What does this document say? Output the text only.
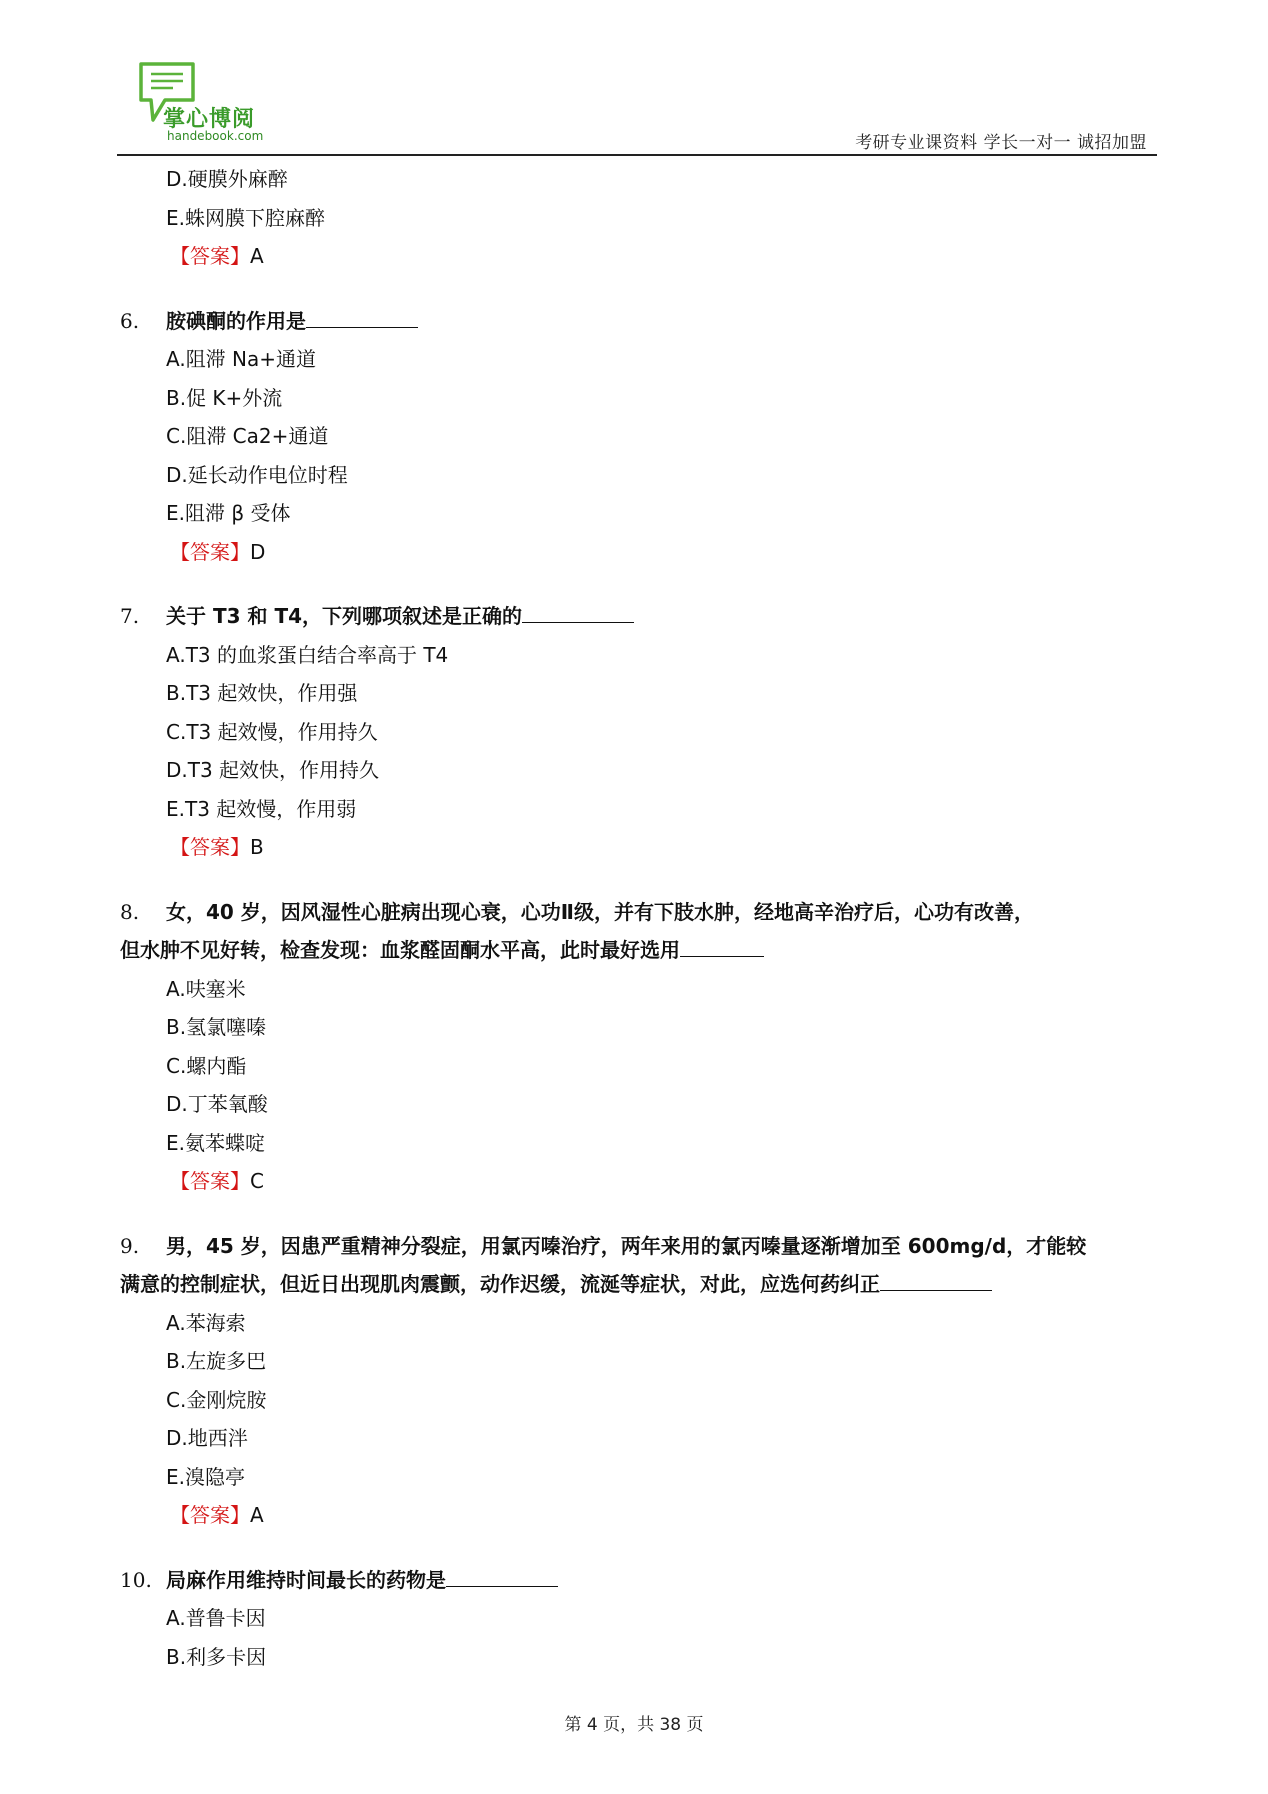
掌心博阅
handebook.com	考研专业课资料 学长一对一 诚招加盟
D.硬膜外麻醉
E.蛛网膜下腔麻醉
【答案】A
6. 胺碘酮的作用是
A.阻滞 Na+通道
B.促 K+外流
C.阻滞 Ca2+通道
D.延长动作电位时程
E.阻滞 β 受体
【答案】D
7. 关于 T3 和 T4，下列哪项叙述是正确的
A.T3 的血浆蛋白结合率高于 T4
B.T3 起效快，作用强
C.T3 起效慢，作用持久
D.T3 起效快，作用持久
E.T3 起效慢，作用弱
【答案】B
8. 女，40 岁，因风湿性心脏病出现心衰，心功Ⅱ级，并有下肢水肿，经地高辛治疗后，心功有改善，
但水肿不见好转，检查发现：血浆醛固酮水平高，此时最好选用
A.呋塞米
B.氢氯噻嗪
C.螺内酯
D.丁苯氧酸
E.氨苯蝶啶
【答案】C
9. 男，45 岁，因患严重精神分裂症，用氯丙嗪治疗，两年来用的氯丙嗪量逐渐增加至 600mg/d，才能较
满意的控制症状，但近日出现肌肉震颤，动作迟缓，流涎等症状，对此，应选何药纠正
A.苯海索
B.左旋多巴
C.金刚烷胺
D.地西泮
E.溴隐亭
【答案】A
10. 局麻作用维持时间最长的药物是
A.普鲁卡因
B.利多卡因
第 4 页，共 38 页
